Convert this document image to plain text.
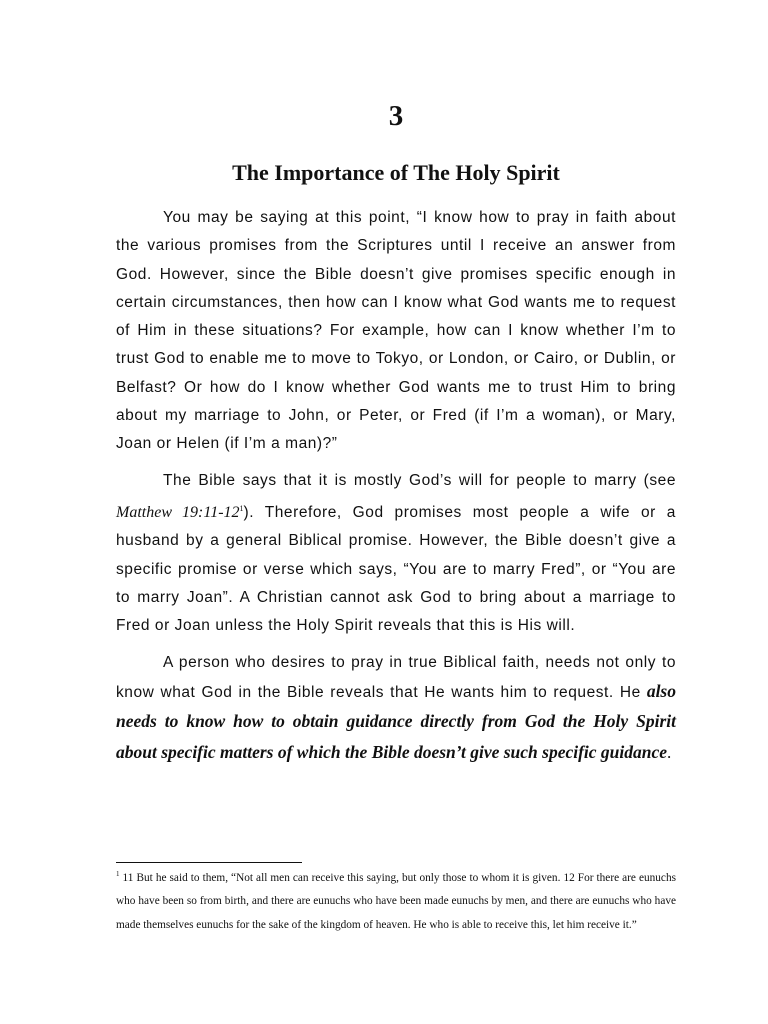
3
The Importance of The Holy Spirit

You may be saying at this point, “I know how to pray in faith about the various promises from the Scriptures until I receive an answer from God. However, since the Bible doesn’t give promises specific enough in certain circumstances, then how can I know what God wants me to request of Him in these situations? For example, how can I know whether I’m to trust God to enable me to move to Tokyo, or London, or Cairo, or Dublin, or Belfast? Or how do I know whether God wants me to trust Him to bring about my marriage to John, or Peter, or Fred (if I’m a woman), or Mary, Joan or Helen (if I’m a man)?”

The Bible says that it is mostly God’s will for people to marry (see Matthew 19:11-12$^1$). Therefore, God promises most people a wife or a husband by a general Biblical promise. However, the Bible doesn’t give a specific promise or verse which says, “You are to marry Fred”, or “You are to marry Joan”. A Christian cannot ask God to bring about a marriage to Fred or Joan unless the Holy Spirit reveals that this is His will.

A person who desires to pray in true Biblical faith, needs not only to know what God in the Bible reveals that He wants him to request. He also needs to know how to obtain guidance directly from God the Holy Spirit about specific matters of which the Bible doesn’t give such specific guidance.

$^1$ 11 But he said to them, “Not all men can receive this saying, but only those to whom it is given. 12 For there are eunuchs who have been so from birth, and there are eunuchs who have been made eunuchs by men, and there are eunuchs who have made themselves eunuchs for the sake of the kingdom of heaven. He who is able to receive this, let him receive it.”
